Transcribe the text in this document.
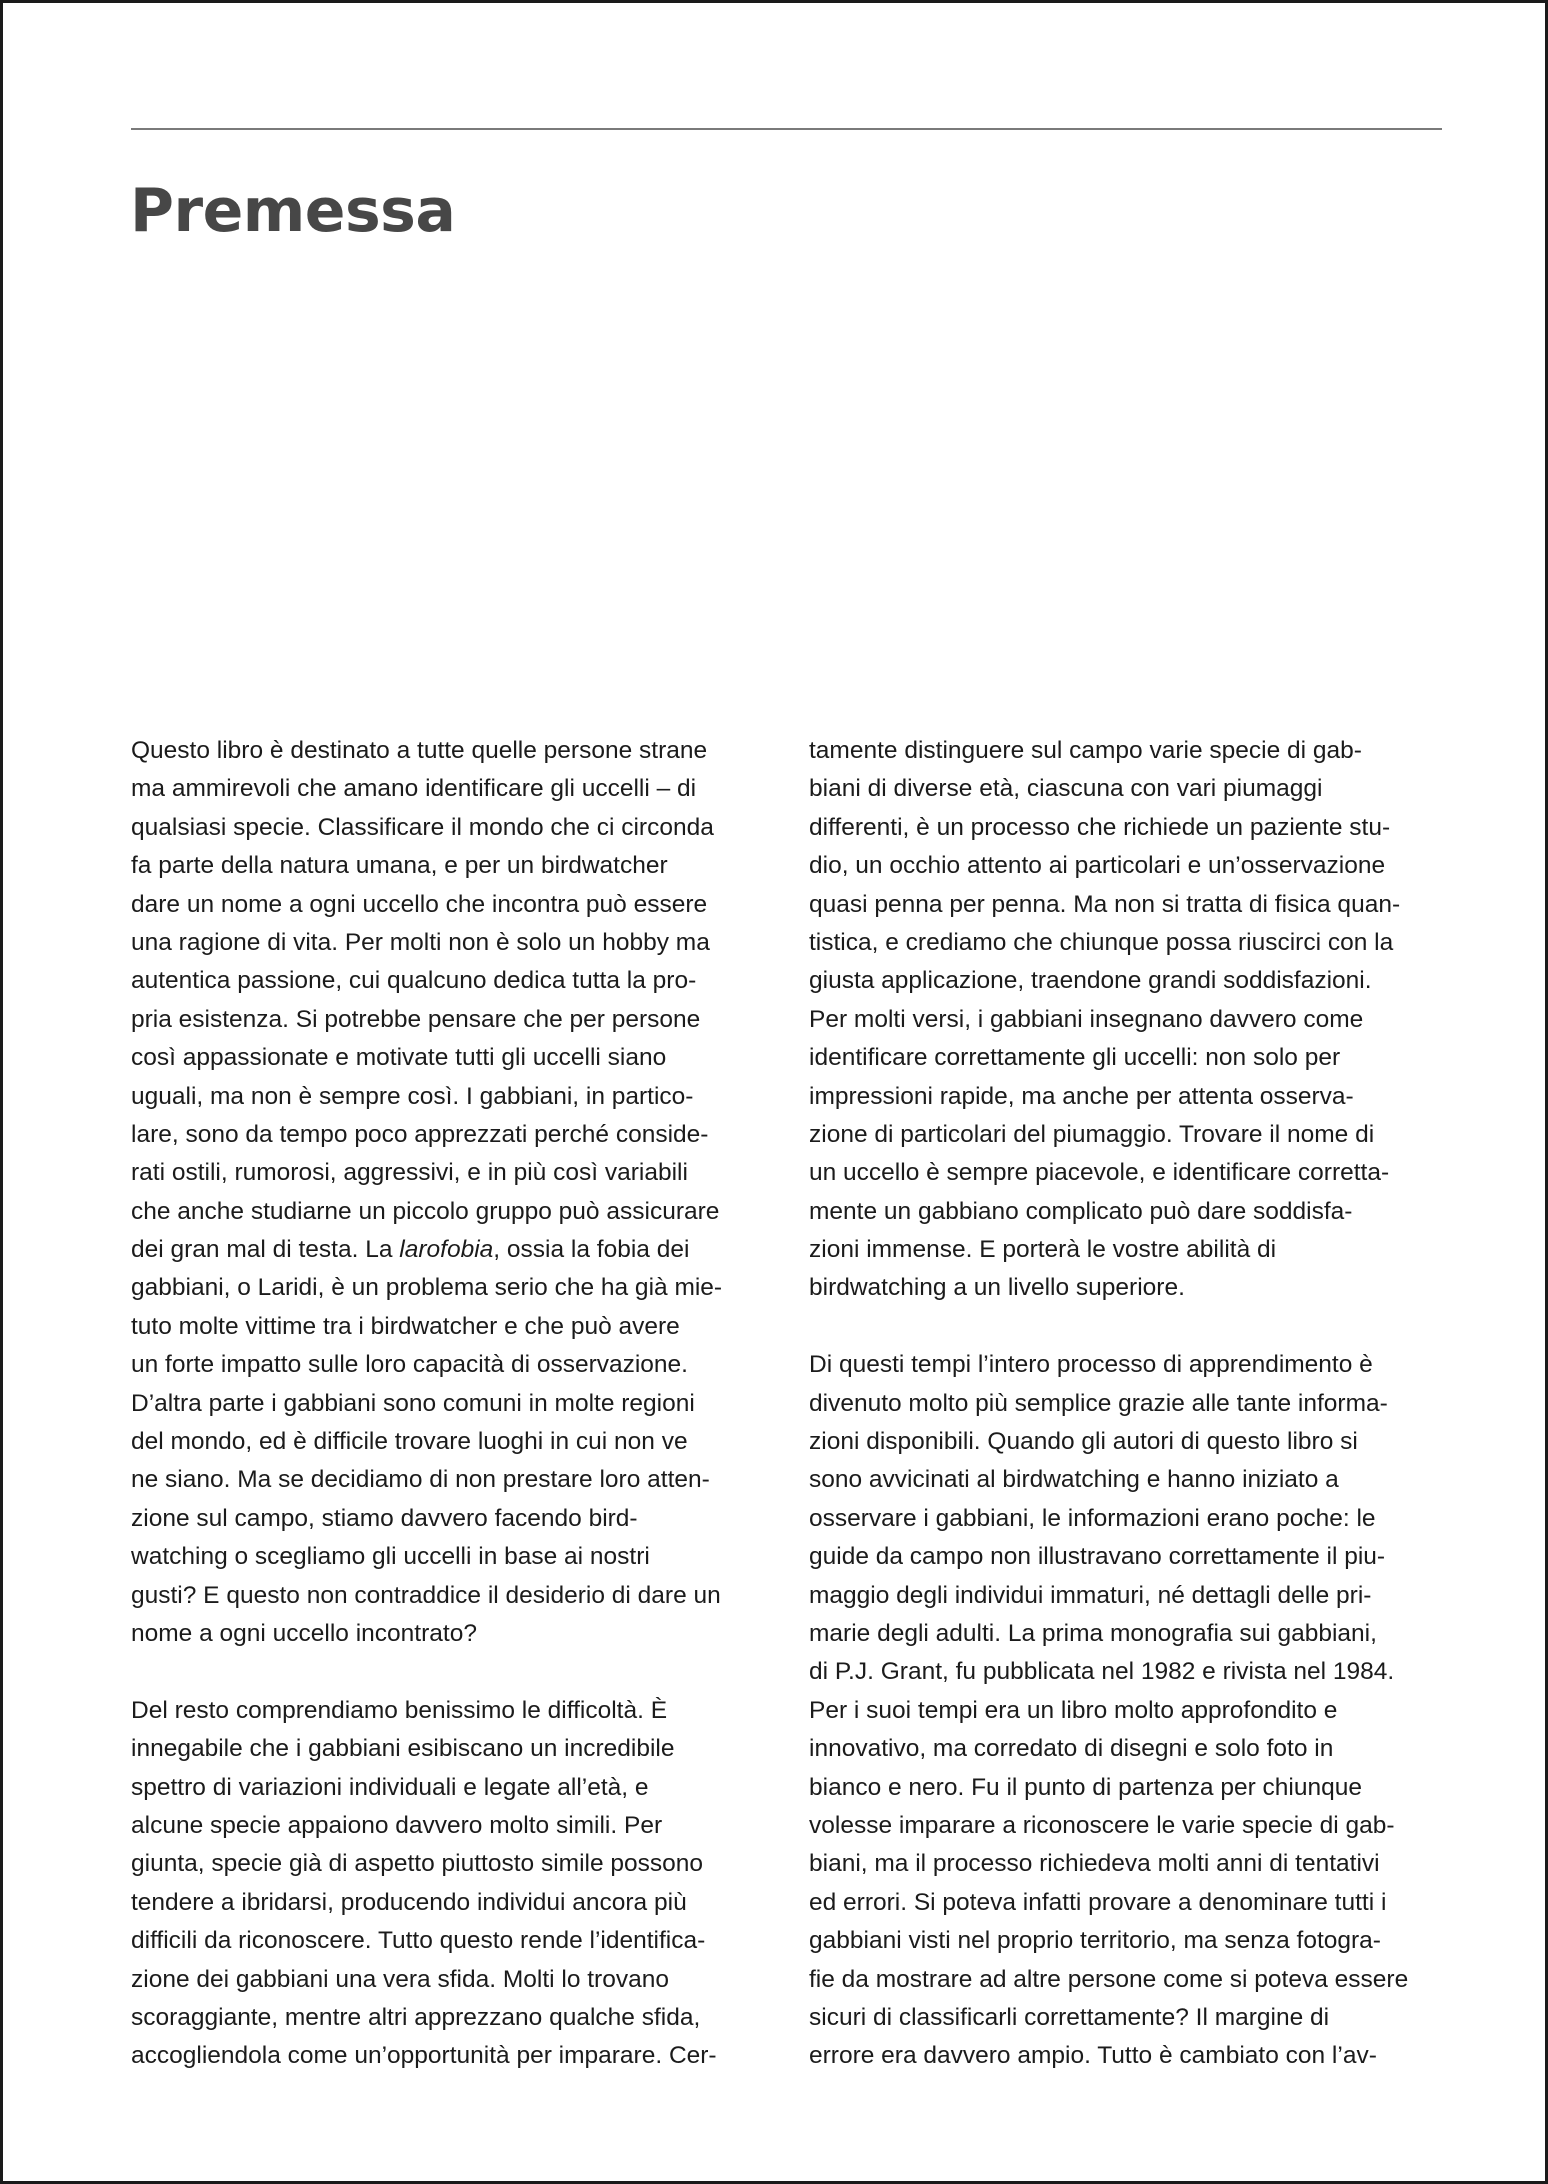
Premessa
Questo libro è destinato a tutte quelle persone strane
ma ammirevoli che amano identificare gli uccelli – di
qualsiasi specie. Classificare il mondo che ci circonda
fa parte della natura umana, e per un birdwatcher
dare un nome a ogni uccello che incontra può essere
una ragione di vita. Per molti non è solo un hobby ma
autentica passione, cui qualcuno dedica tutta la pro-
pria esistenza. Si potrebbe pensare che per persone
così appassionate e motivate tutti gli uccelli siano
uguali, ma non è sempre così. I gabbiani, in partico-
lare, sono da tempo poco apprezzati perché conside-
rati ostili, rumorosi, aggressivi, e in più così variabili
che anche studiarne un piccolo gruppo può assicurare
dei gran mal di testa. La larofobia, ossia la fobia dei
gabbiani, o Laridi, è un problema serio che ha già mie-
tuto molte vittime tra i birdwatcher e che può avere
un forte impatto sulle loro capacità di osservazione.
D’altra parte i gabbiani sono comuni in molte regioni
del mondo, ed è difficile trovare luoghi in cui non ve
ne siano. Ma se decidiamo di non prestare loro atten-
zione sul campo, stiamo davvero facendo bird-
watching o scegliamo gli uccelli in base ai nostri
gusti? E questo non contraddice il desiderio di dare un
nome a ogni uccello incontrato?
Del resto comprendiamo benissimo le difficoltà. È
innegabile che i gabbiani esibiscano un incredibile
spettro di variazioni individuali e legate all’età, e
alcune specie appaiono davvero molto simili. Per
giunta, specie già di aspetto piuttosto simile possono
tendere a ibridarsi, producendo individui ancora più
difficili da riconoscere. Tutto questo rende l’identifica-
zione dei gabbiani una vera sfida. Molti lo trovano
scoraggiante, mentre altri apprezzano qualche sfida,
accogliendola come un’opportunità per imparare. Cer-
tamente distinguere sul campo varie specie di gab-
biani di diverse età, ciascuna con vari piumaggi
differenti, è un processo che richiede un paziente stu-
dio, un occhio attento ai particolari e un’osservazione
quasi penna per penna. Ma non si tratta di fisica quan-
tistica, e crediamo che chiunque possa riuscirci con la
giusta applicazione, traendone grandi soddisfazioni.
Per molti versi, i gabbiani insegnano davvero come
identificare correttamente gli uccelli: non solo per
impressioni rapide, ma anche per attenta osserva-
zione di particolari del piumaggio. Trovare il nome di
un uccello è sempre piacevole, e identificare corretta-
mente un gabbiano complicato può dare soddisfa-
zioni immense. E porterà le vostre abilità di
birdwatching a un livello superiore.
Di questi tempi l’intero processo di apprendimento è
divenuto molto più semplice grazie alle tante informa-
zioni disponibili. Quando gli autori di questo libro si
sono avvicinati al birdwatching e hanno iniziato a
osservare i gabbiani, le informazioni erano poche: le
guide da campo non illustravano correttamente il piu-
maggio degli individui immaturi, né dettagli delle pri-
marie degli adulti. La prima monografia sui gabbiani,
di P.J. Grant, fu pubblicata nel 1982 e rivista nel 1984.
Per i suoi tempi era un libro molto approfondito e
innovativo, ma corredato di disegni e solo foto in
bianco e nero. Fu il punto di partenza per chiunque
volesse imparare a riconoscere le varie specie di gab-
biani, ma il processo richiedeva molti anni di tentativi
ed errori. Si poteva infatti provare a denominare tutti i
gabbiani visti nel proprio territorio, ma senza fotogra-
fie da mostrare ad altre persone come si poteva essere
sicuri di classificarli correttamente? Il margine di
errore era davvero ampio. Tutto è cambiato con l’av-
